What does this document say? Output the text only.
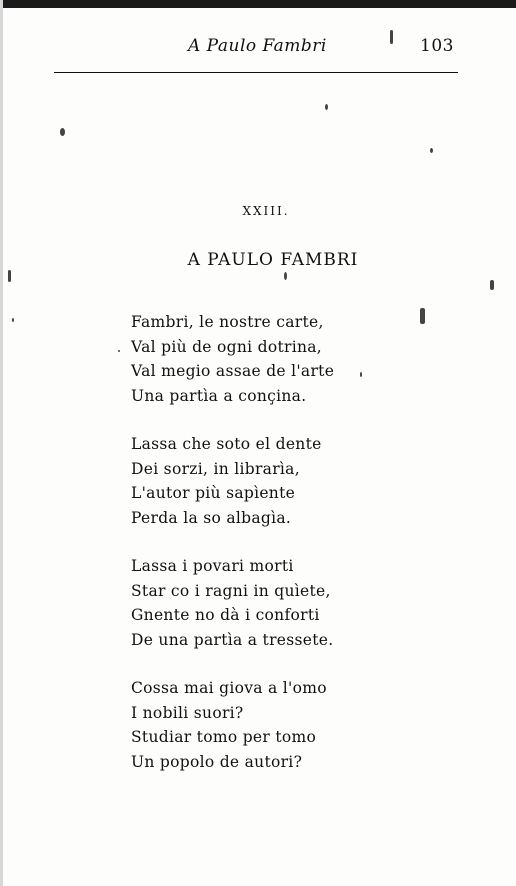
A Paulo Fambri	103
XXIII.
A PAULO FAMBRI
Fambri, le nostre carte,
Val più de ogni dotrina,
Val megio assae de l'arte
Una partìa a conçina.
Lassa che soto el dente
Dei sorzi, in librarìa,
L'autor più sapìente
Perda la so albagìa.
Lassa i povari morti
Star co i ragni in quìete,
Gnente no dà i conforti
De una partìa a tressete.
Cossa mai giova a l'omo
I nobili suori?
Studiar tomo per tomo
Un popolo de autori?
